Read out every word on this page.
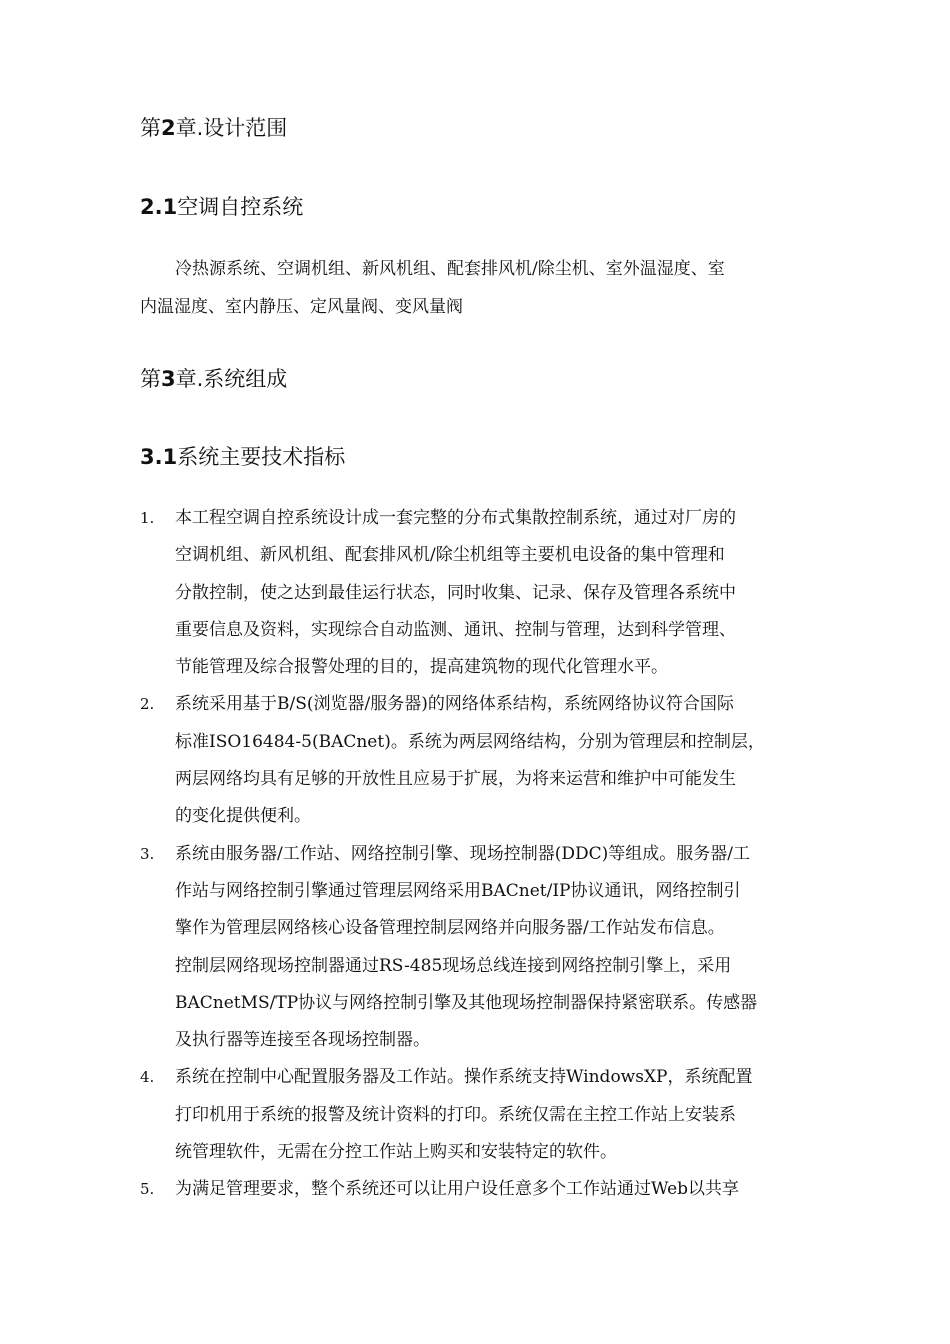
第2章.设计范围
2.1空调自控系统
冷热源系统、空调机组、新风机组、配套排风机/除尘机、室外温湿度、室
内温湿度、室内静压、定风量阀、变风量阀
第3章.系统组成
3.1系统主要技术指标
1. 本工程空调自控系统设计成一套完整的分布式集散控制系统，通过对厂房的
空调机组、新风机组、配套排风机/除尘机组等主要机电设备的集中管理和
分散控制，使之达到最佳运行状态，同时收集、记录、保存及管理各系统中
重要信息及资料，实现综合自动监测、通讯、控制与管理，达到科学管理、
节能管理及综合报警处理的目的，提高建筑物的现代化管理水平。
2. 系统采用基于B/S(浏览器/服务器)的网络体系结构，系统网络协议符合国际
标准ISO16484-5(BACnet)。系统为两层网络结构，分别为管理层和控制层，
两层网络均具有足够的开放性且应易于扩展，为将来运营和维护中可能发生
的变化提供便利。
3. 系统由服务器/工作站、网络控制引擎、现场控制器(DDC)等组成。服务器/工
作站与网络控制引擎通过管理层网络采用BACnet/IP协议通讯，网络控制引
擎作为管理层网络核心设备管理控制层网络并向服务器/工作站发布信息。
控制层网络现场控制器通过RS-485现场总线连接到网络控制引擎上，采用
BACnetMS/TP协议与网络控制引擎及其他现场控制器保持紧密联系。传感器
及执行器等连接至各现场控制器。
4. 系统在控制中心配置服务器及工作站。操作系统支持WindowsXP，系统配置
打印机用于系统的报警及统计资料的打印。系统仅需在主控工作站上安装系
统管理软件，无需在分控工作站上购买和安装特定的软件。
5. 为满足管理要求，整个系统还可以让用户设任意多个工作站通过Web以共享
